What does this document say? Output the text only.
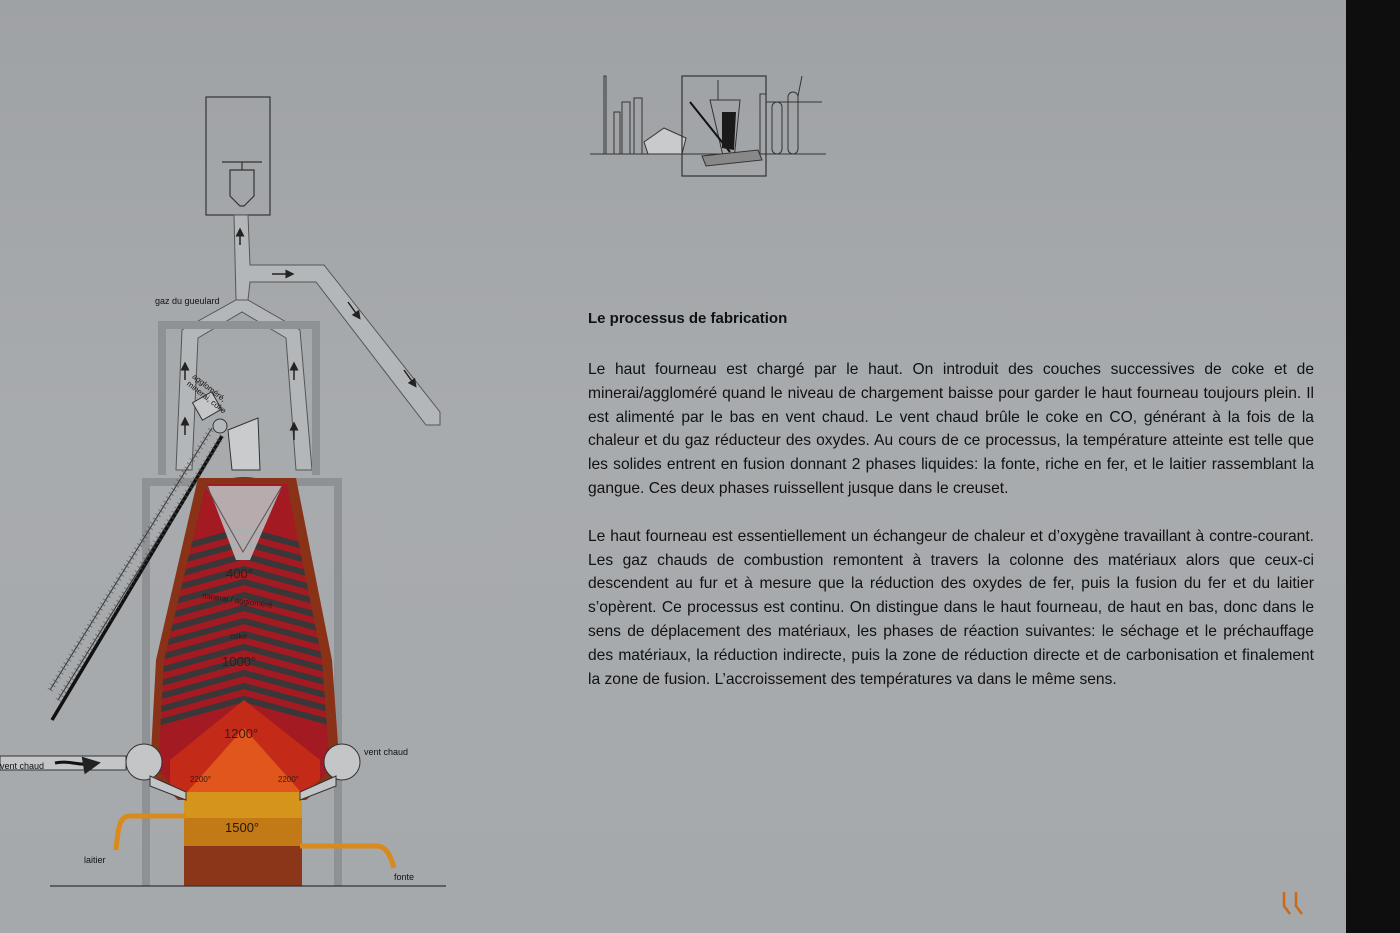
gaz du gueulard
aggloméré, minerai, coke
vent chaud
vent chaud
laitier
fonte
400°
minerai / aggloméré
coke
1000°
1200°
2200°	2200°
1500°
Le processus de fabrication

Le haut fourneau est chargé par le haut. On introduit des couches successives de coke et de minerai/aggloméré quand le niveau de chargement baisse pour garder le haut fourneau toujours plein. Il est alimenté par le bas en vent chaud. Le vent chaud brûle le coke en CO, générant à la fois de la chaleur et du gaz réducteur des oxydes. Au cours de ce processus, la température atteinte est telle que les solides entrent en fusion donnant 2 phases liquides: la fonte, riche en fer, et le laitier rassemblant la gangue. Ces deux phases ruissellent jusque dans le creuset.

Le haut fourneau est essentiellement un échangeur de chaleur et d’oxygène travaillant à contre-courant. Les gaz chauds de combustion remontent à travers la colonne des matériaux alors que ceux-ci descendent au fur et à mesure que la réduction des oxydes de fer, puis la fusion du fer et du laitier s’opèrent. Ce processus est continu. On distingue dans le haut fourneau, de haut en bas, donc dans le sens de déplacement des matériaux, les phases de réaction suivantes: le séchage et le préchauffage des matériaux, la réduction indirecte, puis la zone de réduction directe et de carbonisation et finalement la zone de fusion. L’accroissement des températures va dans le même sens.
